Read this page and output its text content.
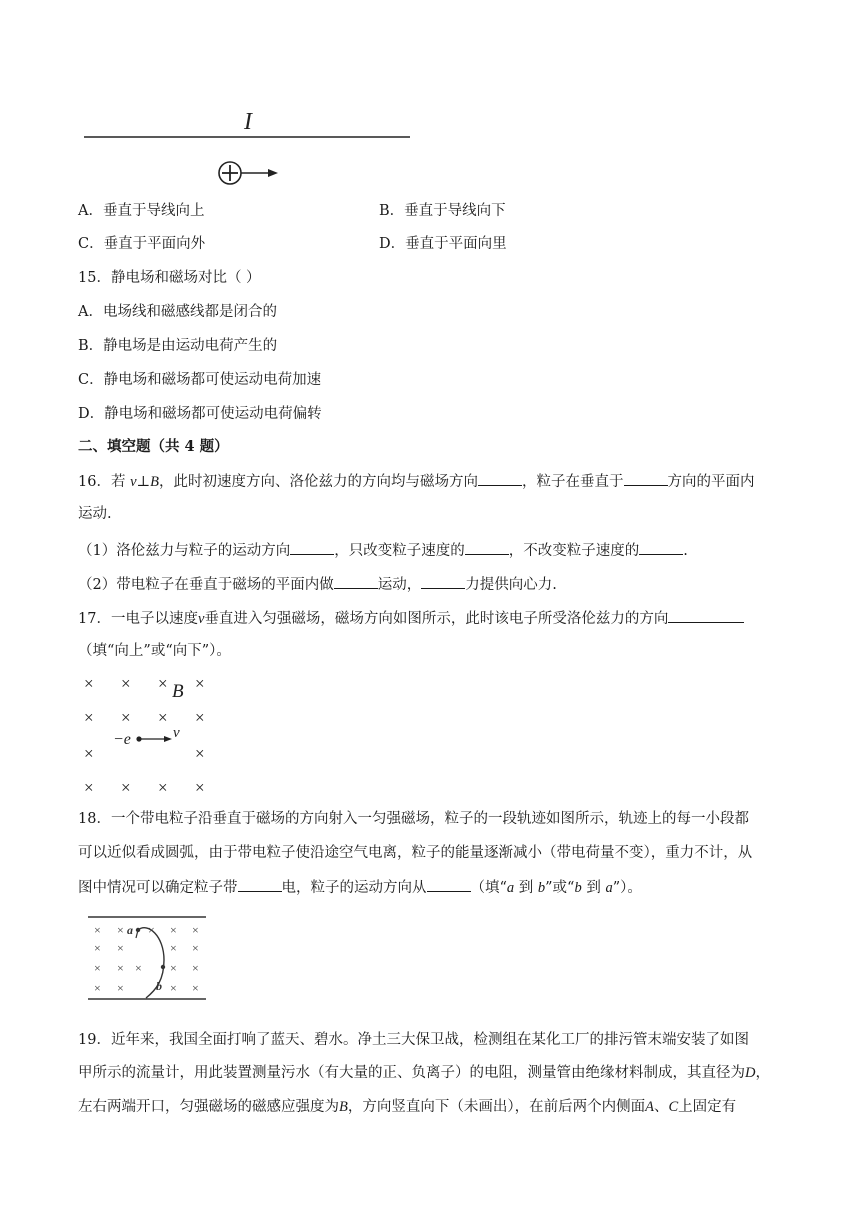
I
A．垂直于导线向上	B．垂直于导线向下
C．垂直于平面向外	D．垂直于平面向里
15．静电场和磁场对比（ ）
A．电场线和磁感线都是闭合的
B．静电场是由运动电荷产生的
C．静电场和磁场都可使运动电荷加速
D．静电场和磁场都可使运动电荷偏转
二、填空题（共 4 题）
16．若 v⊥B，此时初速度方向、洛伦兹力的方向均与磁场方向	，粒子在垂直于	方向的平面内
运动.
（1）洛伦兹力与粒子的运动方向	，只改变粒子速度的	，不改变粒子速度的	.
（2）带电粒子在垂直于磁场的平面内做	运动，	力提供向心力.
17．一电子以速度v垂直进入匀强磁场，磁场方向如图所示，此时该电子所受洛伦兹力的方向
（填“向上”或“向下”）。
× × × ×
× × × ×
×	×
× × × ×
B
−e	v
18．一个带电粒子沿垂直于磁场的方向射入一匀强磁场，粒子的一段轨迹如图所示，轨迹上的每一小段都
可以近似看成圆弧，由于带电粒子使沿途空气电离，粒子的能量逐渐减小（带电荷量不变），重力不计，从
图中情况可以确定粒子带	电，粒子的运动方向从	（填“a 到 b”或“b 到 a”）。
× × × × ×
× ×	× ×
× × × × ×
× ×	× ×
a
b
19．近年来，我国全面打响了蓝天、碧水。净土三大保卫战，检测组在某化工厂的排污管末端安装了如图
甲所示的流量计，用此装置测量污水（有大量的正、负离子）的电阻，测量管由绝缘材料制成，其直径为D，
左右两端开口，匀强磁场的磁感应强度为B，方向竖直向下（未画出），在前后两个内侧面A、C上固定有
